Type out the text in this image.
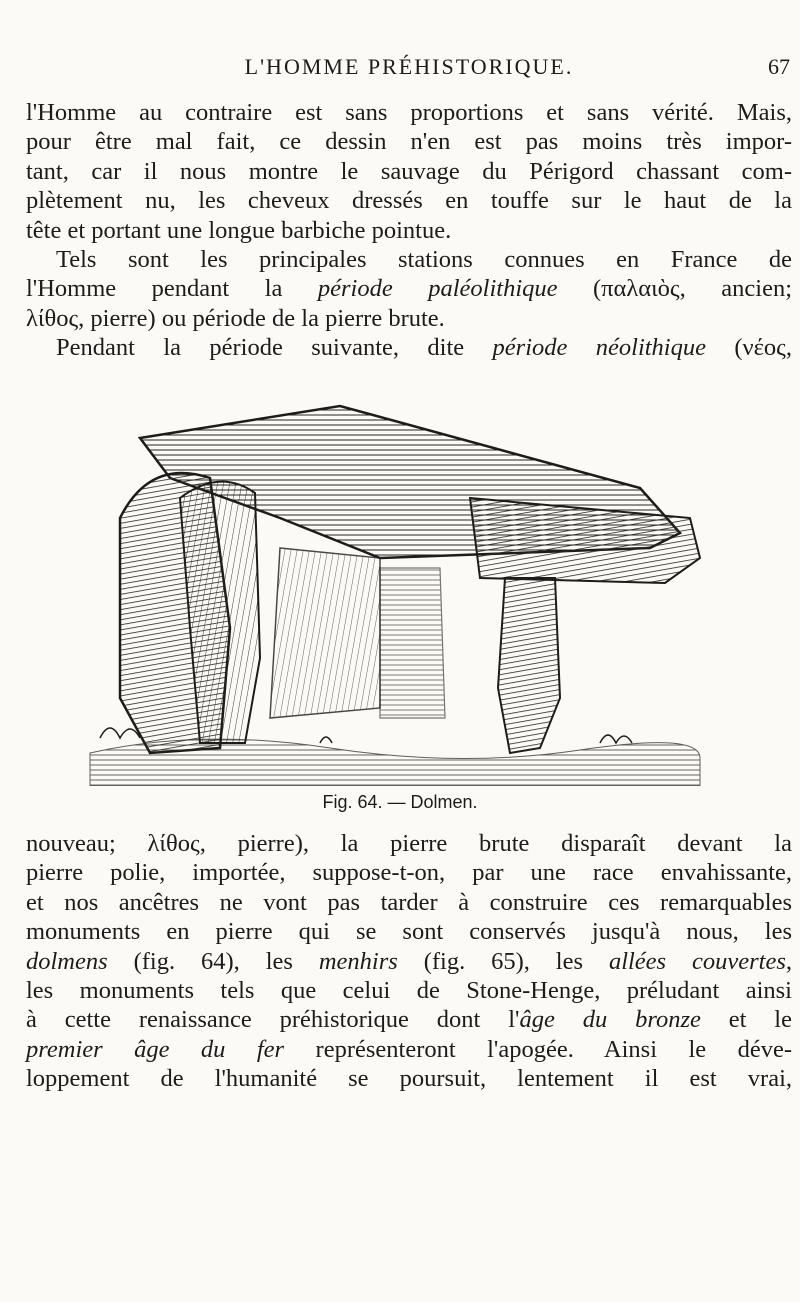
L'HOMME PRÉHISTORIQUE.	67
l'Homme au contraire est sans proportions et sans vérité. Mais,
pour être mal fait, ce dessin n'en est pas moins très impor-
tant, car il nous montre le sauvage du Périgord chassant com-
plètement nu, les cheveux dressés en touffe sur le haut de la
tête et portant une longue barbiche pointue.
Tels sont les principales stations connues en France de
l'Homme pendant la période paléolithique (παλαιὸς, ancien;
λίθος, pierre) ou période de la pierre brute.
Pendant la période suivante, dite période néolithique (νέος,
Fig. 64. — Dolmen.
nouveau; λίθος, pierre), la pierre brute disparaît devant la
pierre polie, importée, suppose-t-on, par une race envahissante,
et nos ancêtres ne vont pas tarder à construire ces remarquables
monuments en pierre qui se sont conservés jusqu'à nous, les
dolmens (fig. 64), les menhirs (fig. 65), les allées couvertes,
les monuments tels que celui de Stone-Henge, préludant ainsi
à cette renaissance préhistorique dont l'âge du bronze et le
premier âge du fer représenteront l'apogée. Ainsi le déve-
loppement de l'humanité se poursuit, lentement il est vrai,
